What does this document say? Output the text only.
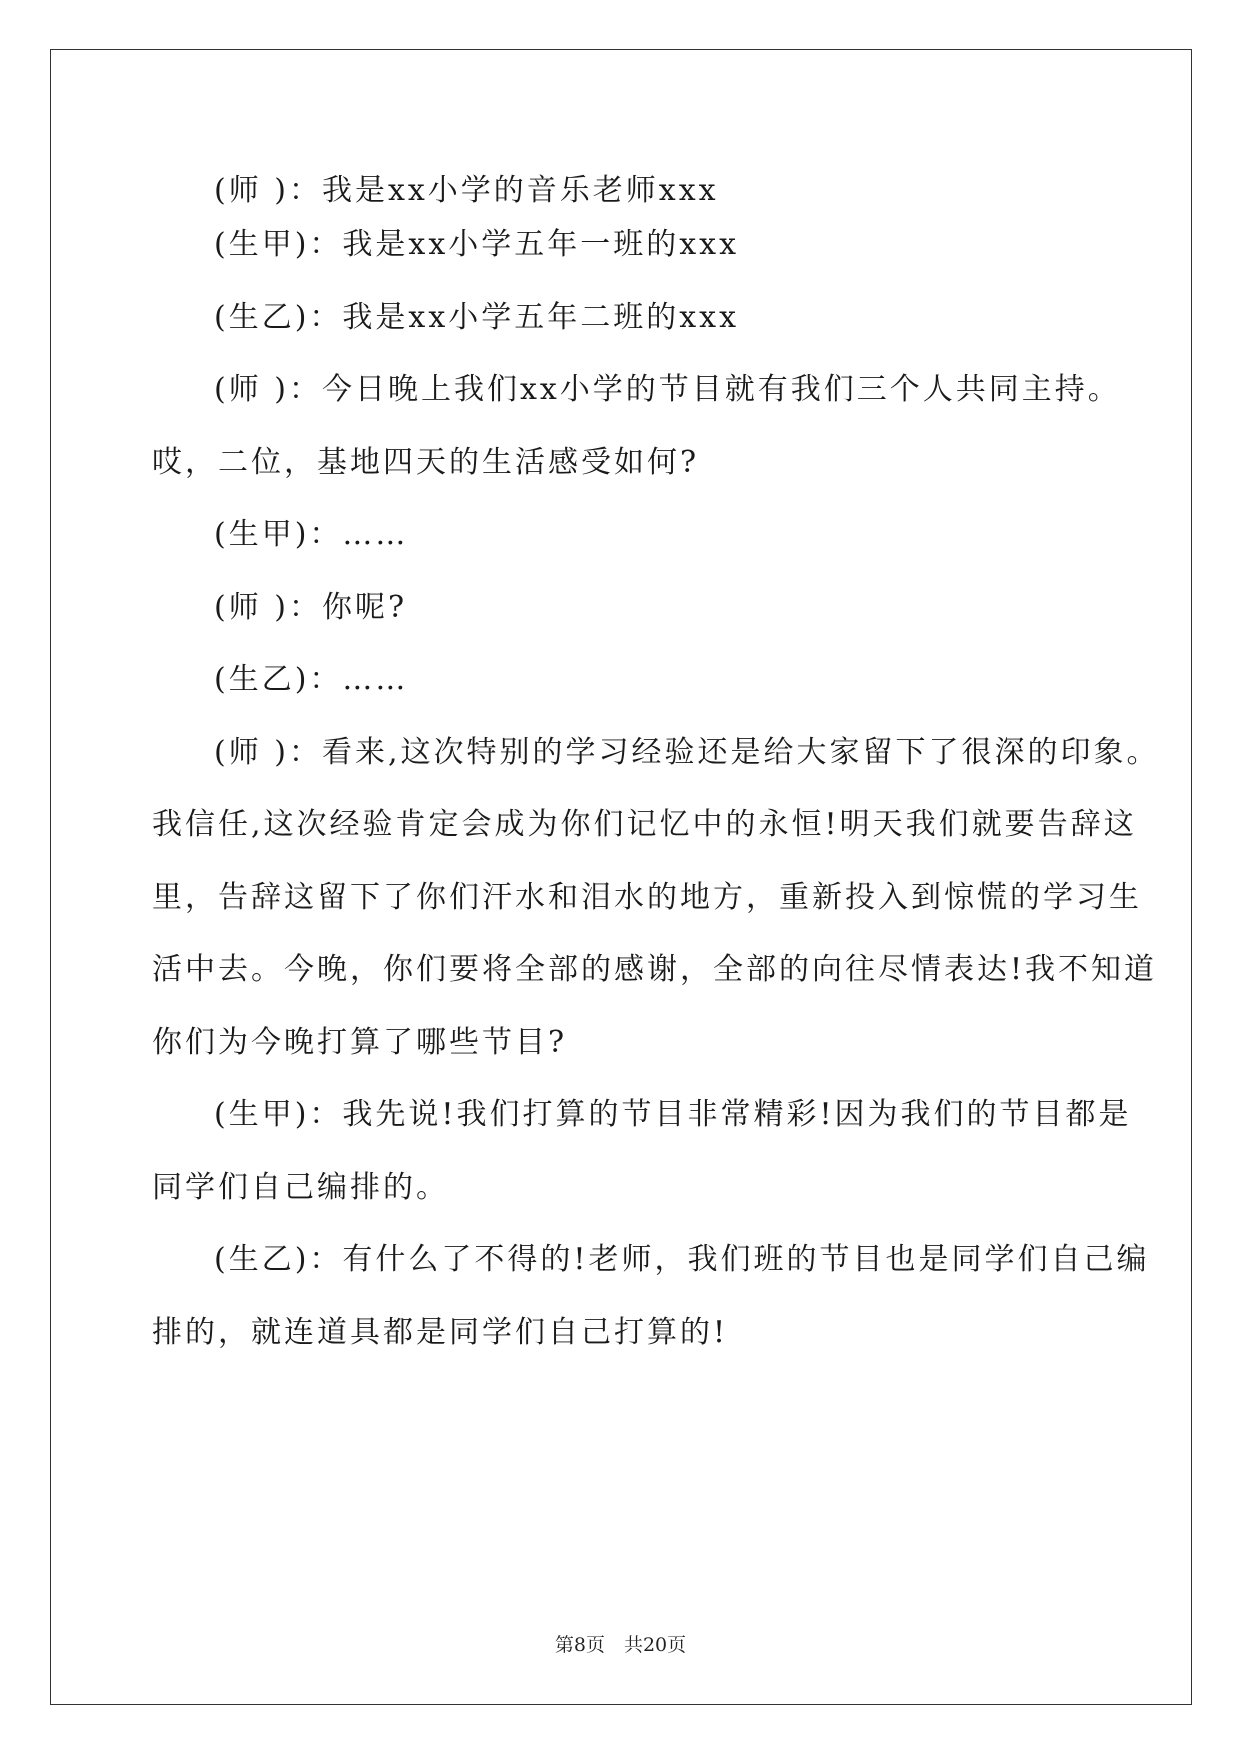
(师 )：我是xx小学的音乐老师xxx
(生甲)：我是xx小学五年一班的xxx
(生乙)：我是xx小学五年二班的xxx
(师 )：今日晚上我们xx小学的节目就有我们三个人共同主持。
哎，二位，基地四天的生活感受如何?
(生甲)：……
(师 )：你呢?
(生乙)：……
(师 )：看来,这次特别的学习经验还是给大家留下了很深的印象。
我信任,这次经验肯定会成为你们记忆中的永恒!明天我们就要告辞这
里，告辞这留下了你们汗水和泪水的地方，重新投入到惊慌的学习生
活中去。今晚，你们要将全部的感谢，全部的向往尽情表达!我不知道
你们为今晚打算了哪些节目?
(生甲)：我先说!我们打算的节目非常精彩!因为我们的节目都是
同学们自己编排的。
(生乙)：有什么了不得的!老师，我们班的节目也是同学们自己编
排的，就连道具都是同学们自己打算的!
第8页　共20页
